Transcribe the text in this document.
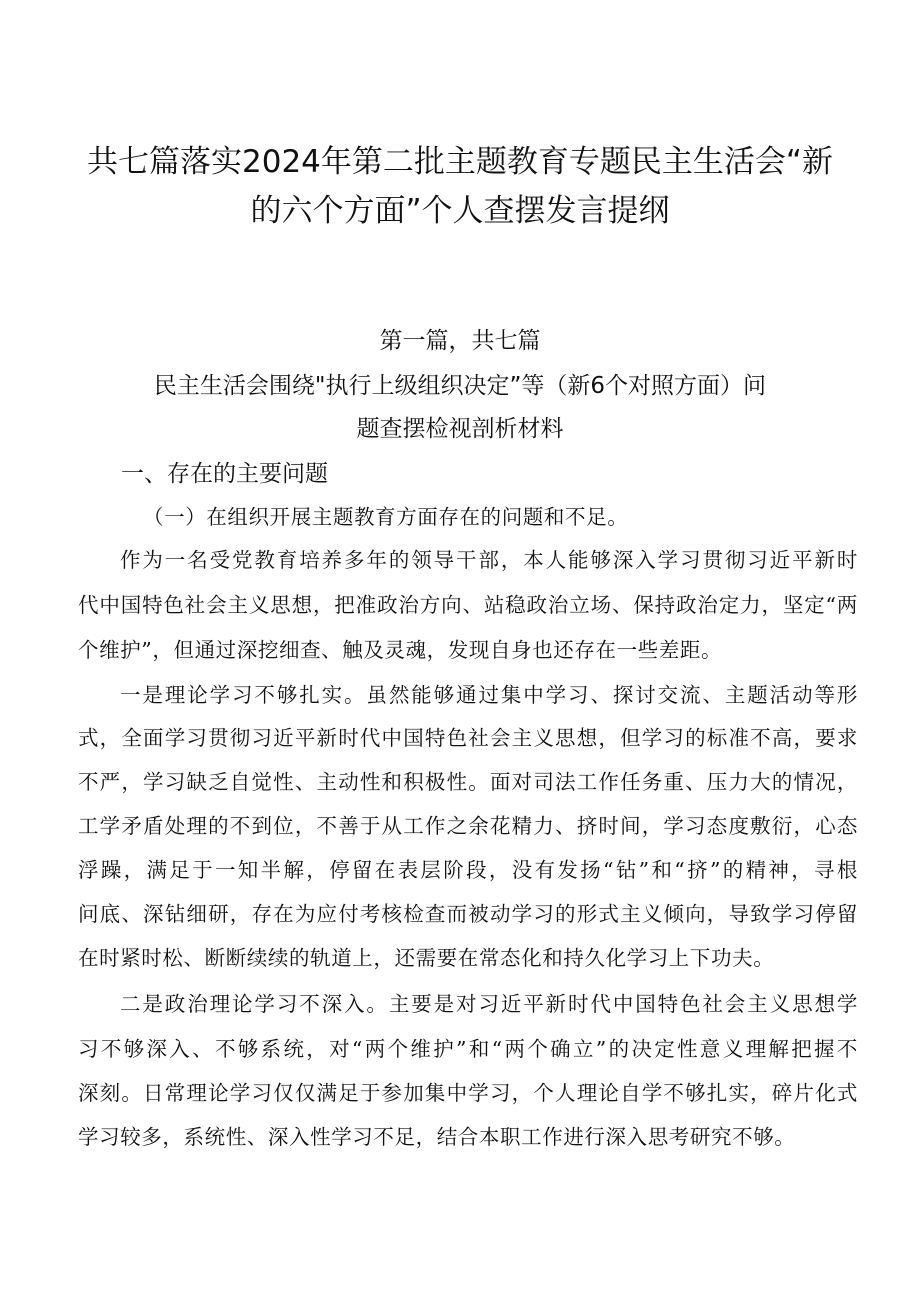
共七篇落实2024年第二批主题教育专题民主生活会“新
的六个方面”个人查摆发言提纲

第一篇，共七篇

民主生活会围绕"执行上级组织决定”等（新6个对照方面）问

题查摆检视剖析材料

一、存在的主要问题

（一）在组织开展主题教育方面存在的问题和不足。

作为一名受党教育培养多年的领导干部，本人能够深入学习贯彻习近平新时

代中国特色社会主义思想，把准政治方向、站稳政治立场、保持政治定力，坚定“两

个维护”，但通过深挖细查、触及灵魂，发现自身也还存在一些差距。

一是理论学习不够扎实。虽然能够通过集中学习、探讨交流、主题活动等形

式，全面学习贯彻习近平新时代中国特色社会主义思想，但学习的标准不高，要求

不严，学习缺乏自觉性、主动性和积极性。面对司法工作任务重、压力大的情况，

工学矛盾处理的不到位，不善于从工作之余花精力、挤时间，学习态度敷衍，心态

浮躁，满足于一知半解，停留在表层阶段，没有发扬“钻”和“挤”的精神，寻根

问底、深钻细研，存在为应付考核检查而被动学习的形式主义倾向，导致学习停留

在时紧时松、断断续续的轨道上，还需要在常态化和持久化学习上下功夫。

二是政治理论学习不深入。主要是对习近平新时代中国特色社会主义思想学

习不够深入、不够系统，对“两个维护”和“两个确立”的决定性意义理解把握不

深刻。日常理论学习仅仅满足于参加集中学习，个人理论自学不够扎实，碎片化式

学习较多，系统性、深入性学习不足，结合本职工作进行深入思考研究不够。
